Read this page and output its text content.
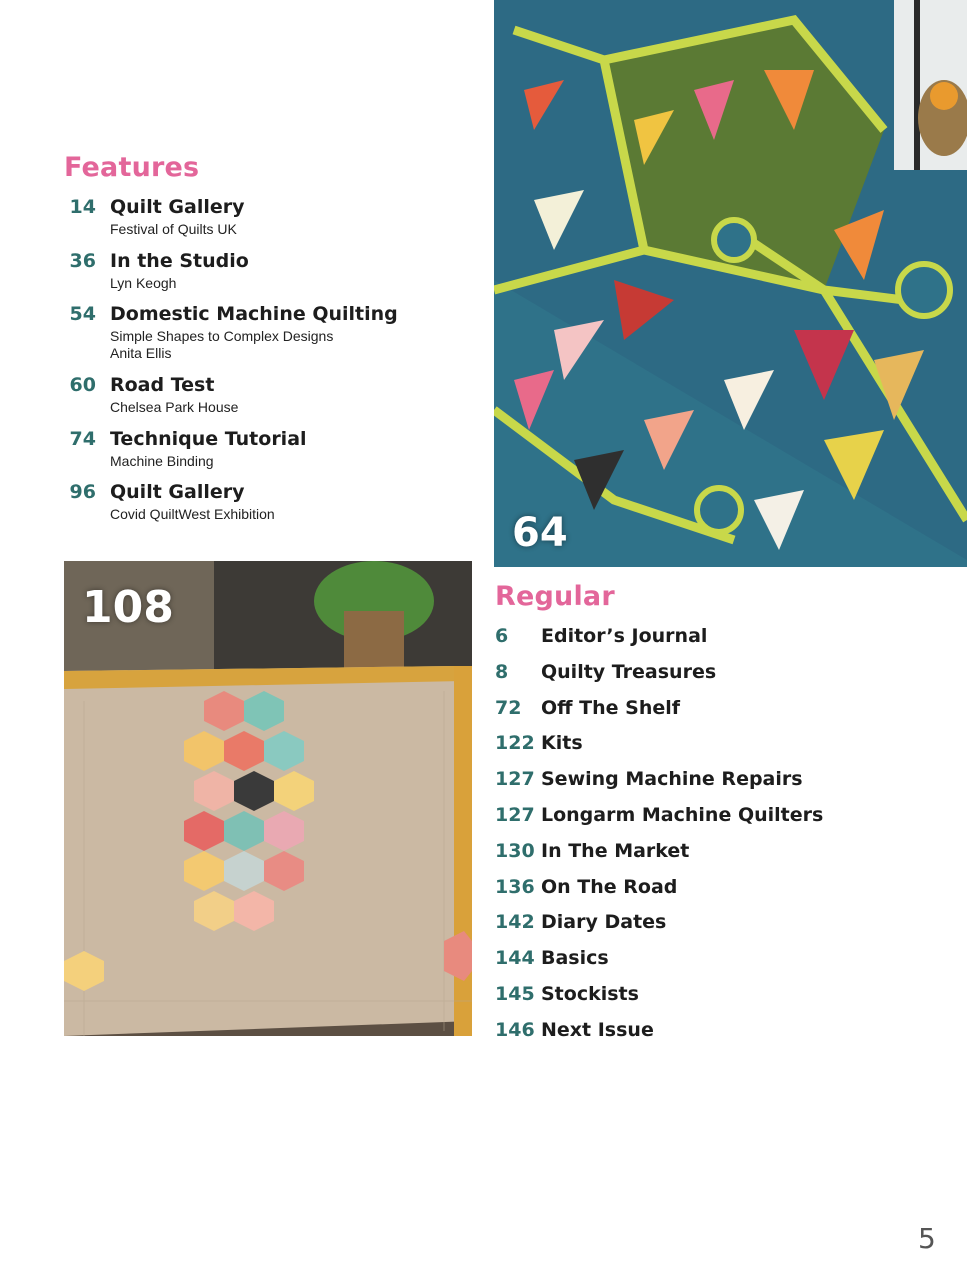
Features
14 Quilt Gallery
Festival of Quilts UK
36 In the Studio
Lyn Keogh
54 Domestic Machine Quilting
Simple Shapes to Complex Designs
Anita Ellis
60 Road Test
Chelsea Park House
74 Technique Tutorial
Machine Binding
96 Quilt Gallery
Covid QuiltWest Exhibition	64
108	Regular
6 Editor’s Journal
8 Quilty Treasures
72 Off The Shelf
122 Kits
127 Sewing Machine Repairs
127 Longarm Machine Quilters
130 In The Market
136 On The Road
142 Diary Dates
144 Basics
145 Stockists
146 Next Issue
5
